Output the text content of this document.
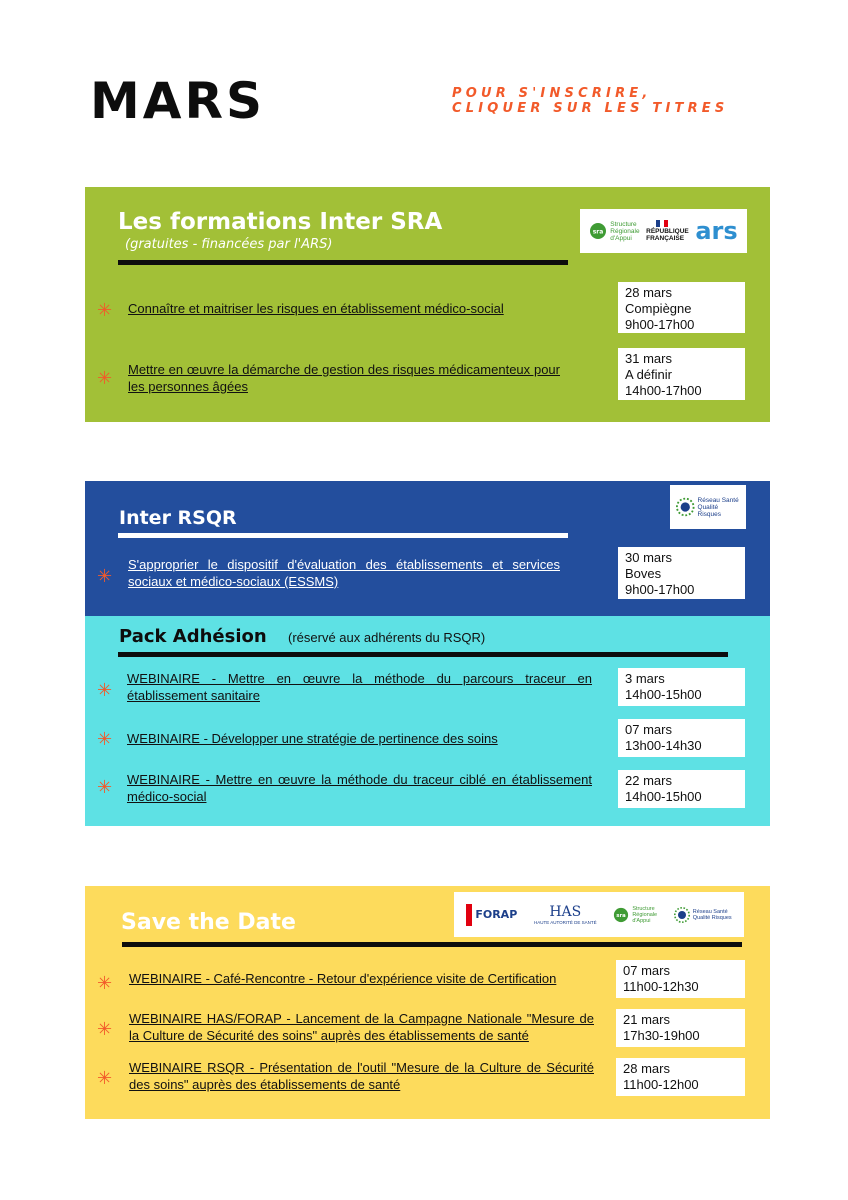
MARS	POUR S'INSCRIRE,
CLIQUER SUR LES TITRES
Les formations Inter SRA
(gratuites - financées par l'ARS)
sra
Structure
Régionale
d'Appui
RÉPUBLIQUE
FRANÇAISE ars
✳ Connaître et maitriser les risques en établissement médico-social
28 mars
Compiègne
9h00-17h00
✳ Mettre en œuvre la démarche de gestion des risques médicamenteux pour les personnes âgées
31 mars
A définir
14h00-17h00
Inter RSQR
Réseau Santé
Qualité Risques
✳
S'approprier le dispositif d'évaluation des établissements et services sociaux et médico-sociaux (ESSMS)
30 mars
Boves
9h00-17h00
Pack Adhésion (réservé aux adhérents du RSQR)
✳
WEBINAIRE - Mettre en œuvre la méthode du parcours traceur en établissement sanitaire
3 mars
14h00-15h00
✳ WEBINAIRE - Développer une stratégie de pertinence des soins
07 mars
13h00-14h30
✳ WEBINAIRE - Mettre en œuvre la méthode du traceur ciblé en établissement médico-social
22 mars
14h00-15h00
Save the Date	FORAP HAS
HAUTE AUTORITÉ DE SANTÉ
sra
Structure
Régionale
d'Appui
Réseau Santé
Qualité Risques
✳ WEBINAIRE - Café-Rencontre - Retour d'expérience visite de Certification
07 mars
11h00-12h30
✳
WEBINAIRE HAS/FORAP - Lancement de la Campagne Nationale "Mesure de la Culture de Sécurité des soins" auprès des établissements de santé
21 mars
17h30-19h00
✳
WEBINAIRE RSQR - Présentation de l'outil "Mesure de la Culture de Sécurité des soins" auprès des établissements de santé
28 mars
11h00-12h00
